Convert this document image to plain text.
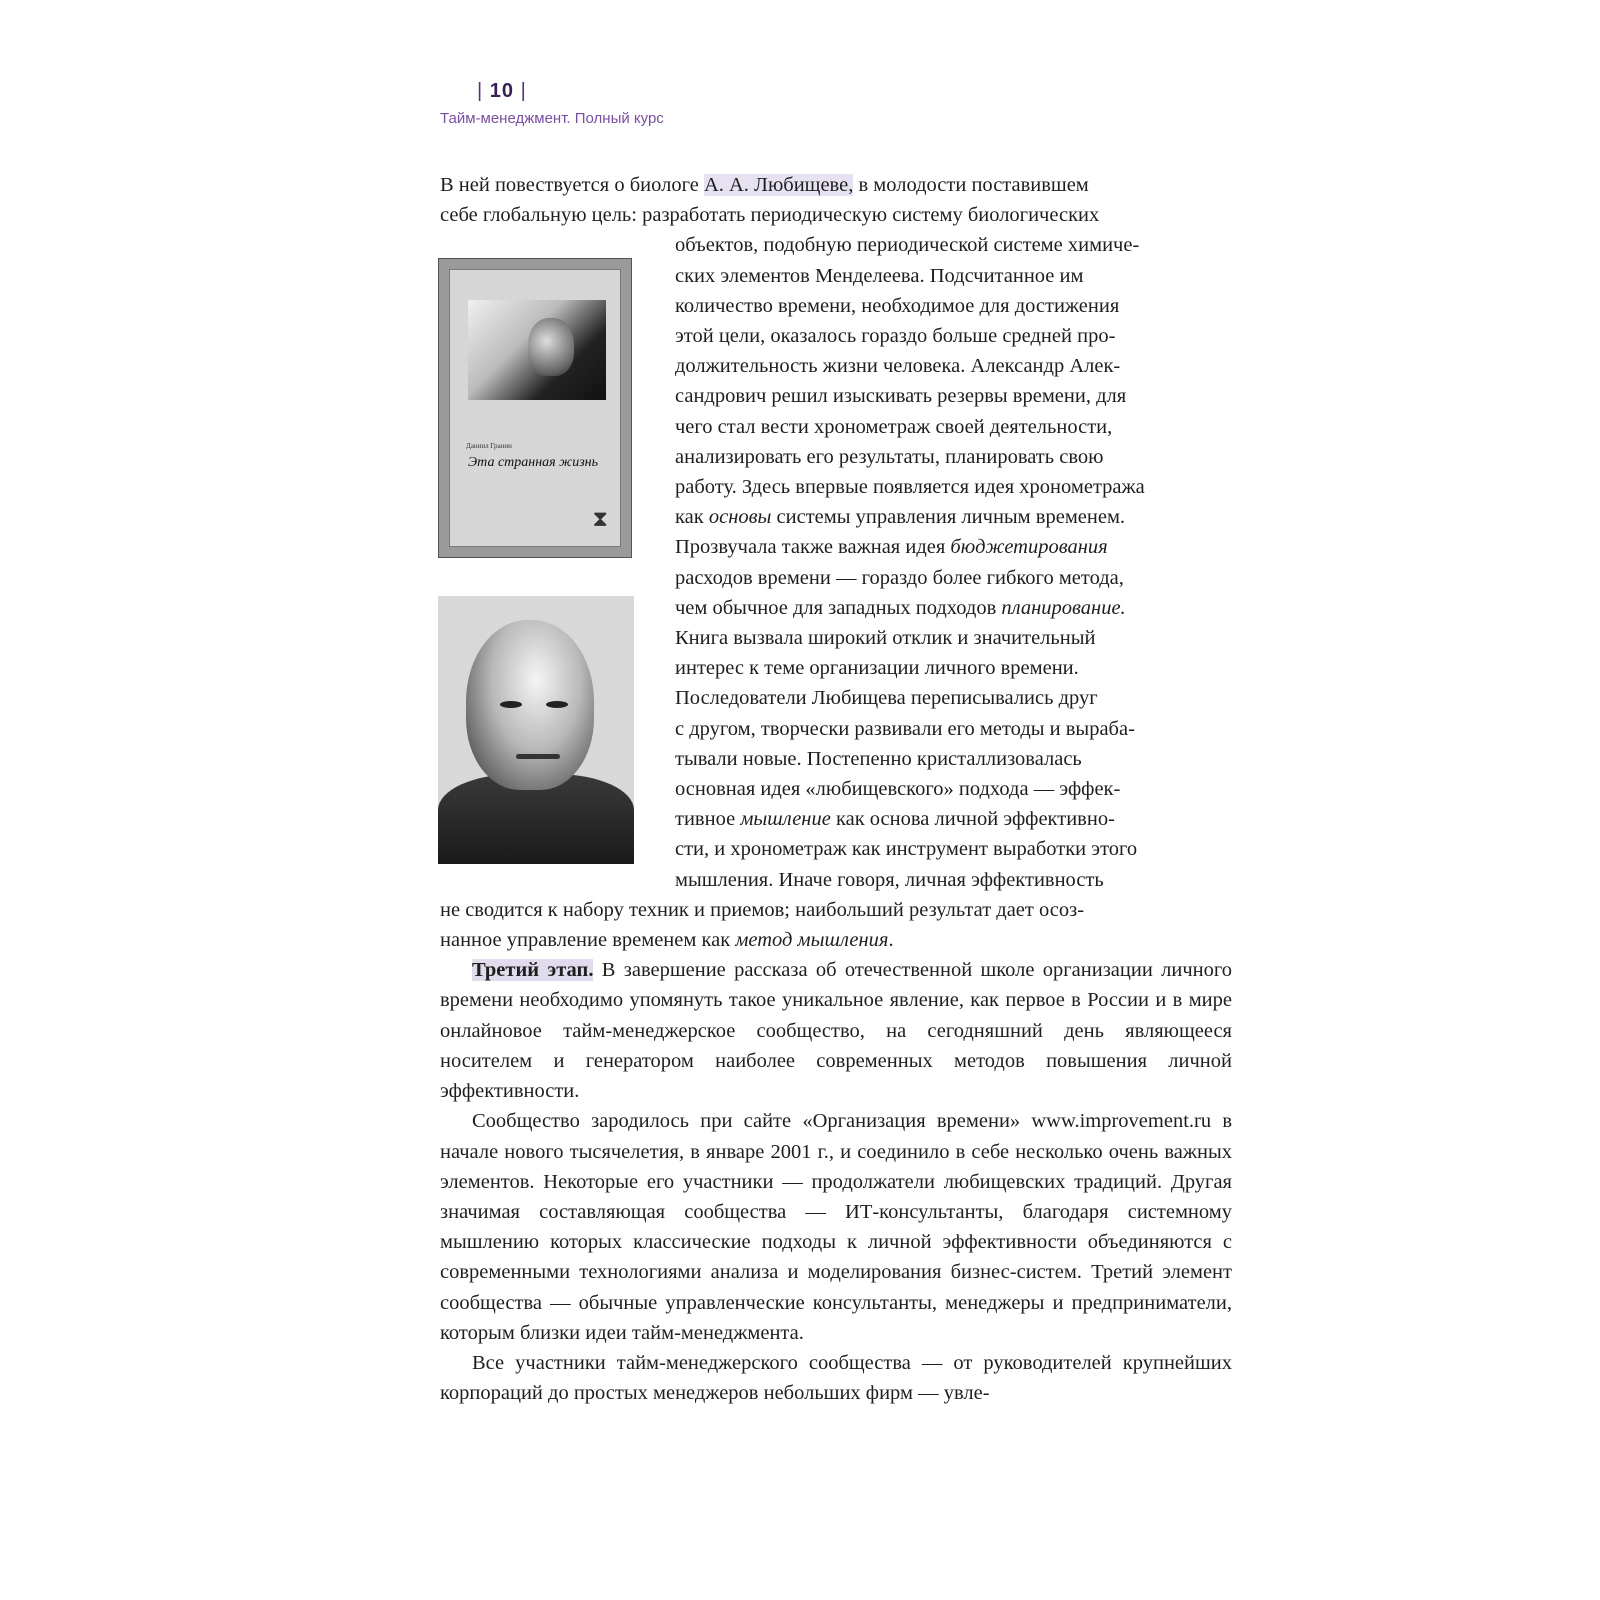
| 10 |
Тайм-менеджмент. Полный курс
Даниил Гранин
Эта странная жизнь
⧗

В ней повествуется о биологе А. А. Любищеве, в молодости поставившем
себе глобальную цель: разработать периодическую систему биологических
объектов, подобную периодической системе химиче-
ских элементов Менделеева. Подсчитанное им
количество времени, необходимое для достижения
этой цели, оказалось гораздо больше средней про-
должительность жизни человека. Александр Алек-
сандрович решил изыскивать резервы времени, для
чего стал вести хронометраж своей деятельности,
анализировать его результаты, планировать свою
работу. Здесь впервые появляется идея хронометража
как основы системы управления личным временем.
Прозвучала также важная идея бюджетирования
расходов времени — гораздо более гибкого метода,
чем обычное для западных подходов планирование.
Книга вызвала широкий отклик и значительный
интерес к теме организации личного времени.
Последователи Любищева переписывались друг
с другом, творчески развивали его методы и выраба-
тывали новые. Постепенно кристаллизовалась
основная идея «любищевского» подхода — эффек-
тивное мышление как основа личной эффективно-
сти, и хронометраж как инструмент выработки этого
мышления. Иначе говоря, личная эффективность
не сводится к набору техник и приемов; наибольший результат дает осоз-
нанное управление временем как метод мышления.

Третий этап. В завершение рассказа об отечественной школе организации личного времени необходимо упомянуть такое уникальное явление, как первое в России и в мире онлайновое тайм-менеджерское сообщество, на сегодняшний день являющееся носителем и генератором наиболее современных методов повышения личной эффективности.

Сообщество зародилось при сайте «Организация времени» www.improvement.ru в начале нового тысячелетия, в январе 2001 г., и соединило в себе несколько очень важных элементов. Некоторые его участники — продолжатели любищевских традиций. Другая значимая составляющая сообщества — ИТ-консультанты, благодаря системному мышлению которых классические подходы к личной эффективности объединяются с современными технологиями анализа и моделирования бизнес-систем. Третий элемент сообщества — обычные управленческие консультанты, менеджеры и предприниматели, которым близки идеи тайм-менеджмента.

Все участники тайм-менеджерского сообщества — от руководителей крупнейших корпораций до простых менеджеров небольших фирм — увле-
